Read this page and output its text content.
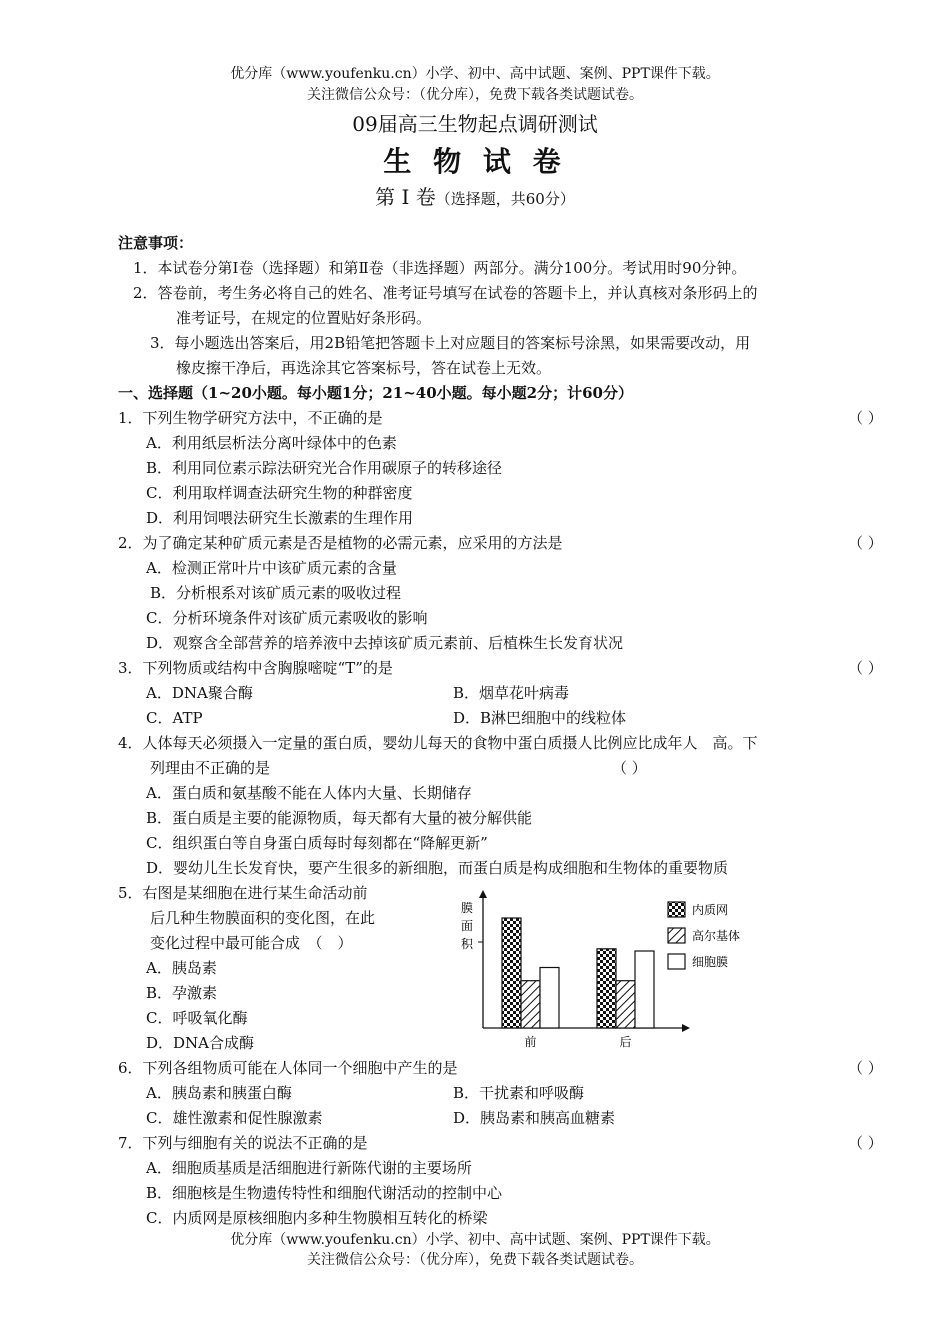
优分库（www.youfenku.cn）小学、初中、高中试题、案例、PPT课件下载。
关注微信公众号：（优分库），免费下载各类试题试卷。
09届高三生物起点调研测试
生 物 试 卷
第 I 卷（选择题，共60分）
注意事项：
1．本试卷分第Ⅰ卷（选择题）和第Ⅱ卷（非选择题）两部分。满分100分。考试用时90分钟。
2．答卷前，考生务必将自己的姓名、准考证号填写在试卷的答题卡上，并认真核对条形码上的
准考证号，在规定的位置贴好条形码。
3．每小题选出答案后，用2B铅笔把答题卡上对应题目的答案标号涂黑，如果需要改动，用
橡皮擦干净后，再选涂其它答案标号，答在试卷上无效。
一、选择题（1~20小题。每小题1分；21~40小题。每小题2分；计60分）
1．下列生物学研究方法中，不正确的是	（ ）
A．利用纸层析法分离叶绿体中的色素
B．利用同位素示踪法研究光合作用碳原子的转移途径
C．利用取样调查法研究生物的种群密度
D．利用饲喂法研究生长激素的生理作用
2．为了确定某种矿质元素是否是植物的必需元素，应采用的方法是	（ ）
A．检测正常叶片中该矿质元素的含量
B．分析根系对该矿质元素的吸收过程
C．分析环境条件对该矿质元素吸收的影响
D．观察含全部营养的培养液中去掉该矿质元素前、后植株生长发育状况
3．下列物质或结构中含胸腺嘧啶“T”的是	（ ）
A．DNA聚合酶	B．烟草花叶病毒
C．ATP	D．B淋巴细胞中的线粒体
4．人体每天必须摄入一定量的蛋白质，婴幼儿每天的食物中蛋白质摄人比例应比成年人　高。下
列理由不正确的是	（ ）
A．蛋白质和氨基酸不能在人体内大量、长期储存
B．蛋白质是主要的能源物质，每天都有大量的被分解供能
C．组织蛋白等自身蛋白质每时每刻都在“降解更新”
D．婴幼儿生长发育快，要产生很多的新细胞，而蛋白质是构成细胞和生物体的重要物质
5．右图是某细胞在进行某生命活动前
后几种生物膜面积的变化图，在此
变化过程中最可能合成　（　）
A．胰岛素
B．孕激素
C．呼吸氧化酶
D．DNA合成酶
膜
面
积
前	后
内质网
高尔基体
细胞膜
6．下列各组物质可能在人体同一个细胞中产生的是	（ ）
A．胰岛素和胰蛋白酶	B．干扰素和呼吸酶
C．雄性激素和促性腺激素	D．胰岛素和胰高血糖素
7．下列与细胞有关的说法不正确的是	（ ）
A．细胞质基质是活细胞进行新陈代谢的主要场所
B．细胞核是生物遗传特性和细胞代谢活动的控制中心
C．内质网是原核细胞内多种生物膜相互转化的桥梁
优分库（www.youfenku.cn）小学、初中、高中试题、案例、PPT课件下载。
关注微信公众号：（优分库），免费下载各类试题试卷。
